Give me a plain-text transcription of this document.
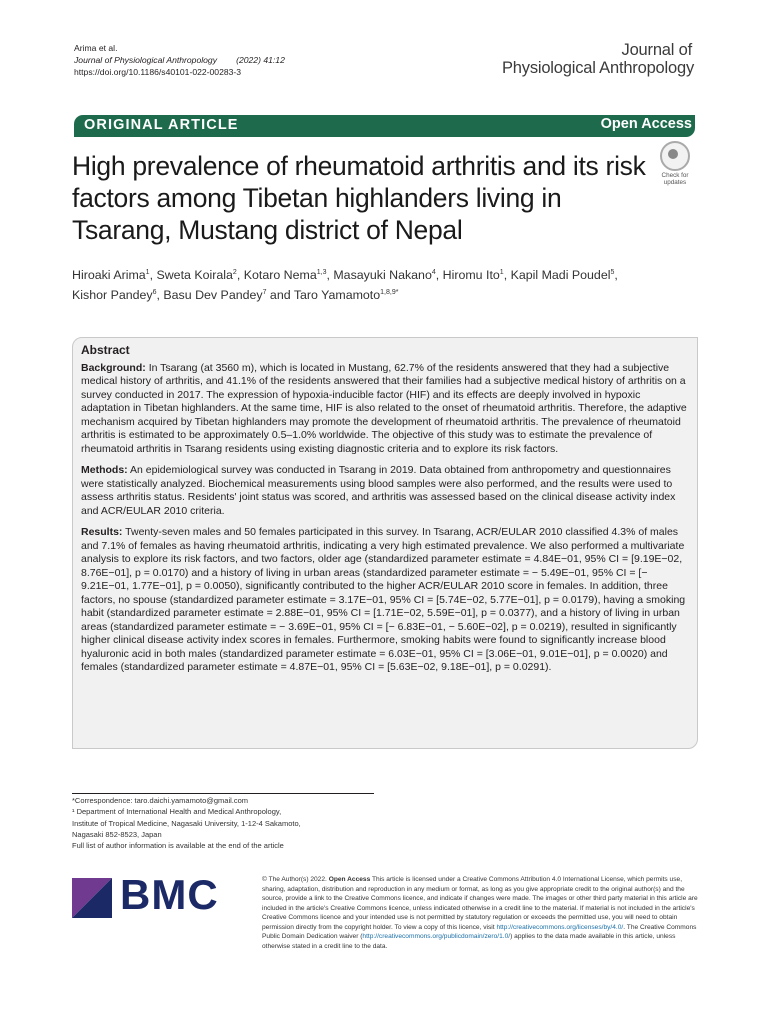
Arima et al.
Journal of Physiological Anthropology (2022) 41:12
https://doi.org/10.1186/s40101-022-00283-3
Journal of
Physiological Anthropology
ORIGINAL ARTICLE	Open Access
High prevalence of rheumatoid arthritis and its risk factors among Tibetan highlanders living in Tsarang, Mustang district of Nepal
Check for updates
Hiroaki Arima$^1$, Sweta Koirala$^2$, Kotaro Nema$^{1,3}$, Masayuki Nakano$^4$, Hiromu Ito$^1$, Kapil Madi Poudel$^5$,
Kishor Pandey$^6$, Basu Dev Pandey$^7$ and Taro Yamamoto$^{1,8,9*}$
Abstract

Background: In Tsarang (at 3560 m), which is located in Mustang, 62.7% of the residents answered that they had a subjective medical history of arthritis, and 41.1% of the residents answered that their families had a subjective medical history of arthritis on a survey conducted in 2017. The expression of hypoxia-inducible factor (HIF) and its effects are deeply involved in hypoxic adaptation in Tibetan highlanders. At the same time, HIF is also related to the onset of rheumatoid arthritis. Therefore, the adaptive mechanism acquired by Tibetan highlanders may promote the development of rheumatoid arthritis. The prevalence of rheumatoid arthritis is estimated to be approximately 0.5–1.0% worldwide. The objective of this study was to estimate the prevalence of rheumatoid arthritis in Tsarang residents using existing diagnostic criteria and to explore its risk factors.

Methods: An epidemiological survey was conducted in Tsarang in 2019. Data obtained from anthropometry and questionnaires were statistically analyzed. Biochemical measurements using blood samples were also performed, and the results were used to assess arthritis status. Residents' joint status was scored, and arthritis was assessed based on the clinical disease activity index and ACR/EULAR 2010 criteria.

Results: Twenty-seven males and 50 females participated in this survey. In Tsarang, ACR/EULAR 2010 classified 4.3% of males and 7.1% of females as having rheumatoid arthritis, indicating a very high estimated prevalence. We also performed a multivariate analysis to explore its risk factors, and two factors, older age (standardized parameter estimate = 4.84E−01, 95% CI = [9.19E−02, 8.76E−01], p = 0.0170) and a history of living in urban areas (standardized parameter estimate = − 5.49E−01, 95% CI = [− 9.21E−01, 1.77E−01], p = 0.0050), significantly contributed to the higher ACR/EULAR 2010 score in females. In addition, three factors, no spouse (standardized parameter estimate = 3.17E−01, 95% CI = [5.74E−02, 5.77E−01], p = 0.0179), having a smoking habit (standardized parameter estimate = 2.88E−01, 95% CI = [1.71E−02, 5.59E−01], p = 0.0377), and a history of living in urban areas (standardized parameter estimate = − 3.69E−01, 95% CI = [− 6.83E−01, − 5.60E−02], p = 0.0219), resulted in significantly higher clinical disease activity index scores in females. Furthermore, smoking habits were found to significantly increase blood hyaluronic acid in both males (standardized parameter estimate = 6.03E−01, 95% CI = [3.06E−01, 9.01E−01], p = 0.0020) and females (standardized parameter estimate = 4.87E−01, 95% CI = [5.63E−02, 9.18E−01], p = 0.0291).

*Correspondence: taro.daichi.yamamoto@gmail.com
¹ Department of International Health and Medical Anthropology,
Institute of Tropical Medicine, Nagasaki University, 1-12-4 Sakamoto,
Nagasaki 852-8523, Japan
Full list of author information is available at the end of the article
BMC	© The Author(s) 2022. Open Access This article is licensed under a Creative Commons Attribution 4.0 International License, which permits use, sharing, adaptation, distribution and reproduction in any medium or format, as long as you give appropriate credit to the original author(s) and the source, provide a link to the Creative Commons licence, and indicate if changes were made. The images or other third party material in this article are included in the article's Creative Commons licence, unless indicated otherwise in a credit line to the material. If material is not included in the article's Creative Commons licence and your intended use is not permitted by statutory regulation or exceeds the permitted use, you will need to obtain permission directly from the copyright holder. To view a copy of this licence, visit http://creativecommons.org/licenses/by/4.0/. The Creative Commons Public Domain Dedication waiver (http://creativecommons.org/publicdomain/zero/1.0/) applies to the data made available in this article, unless otherwise stated in a credit line to the data.
